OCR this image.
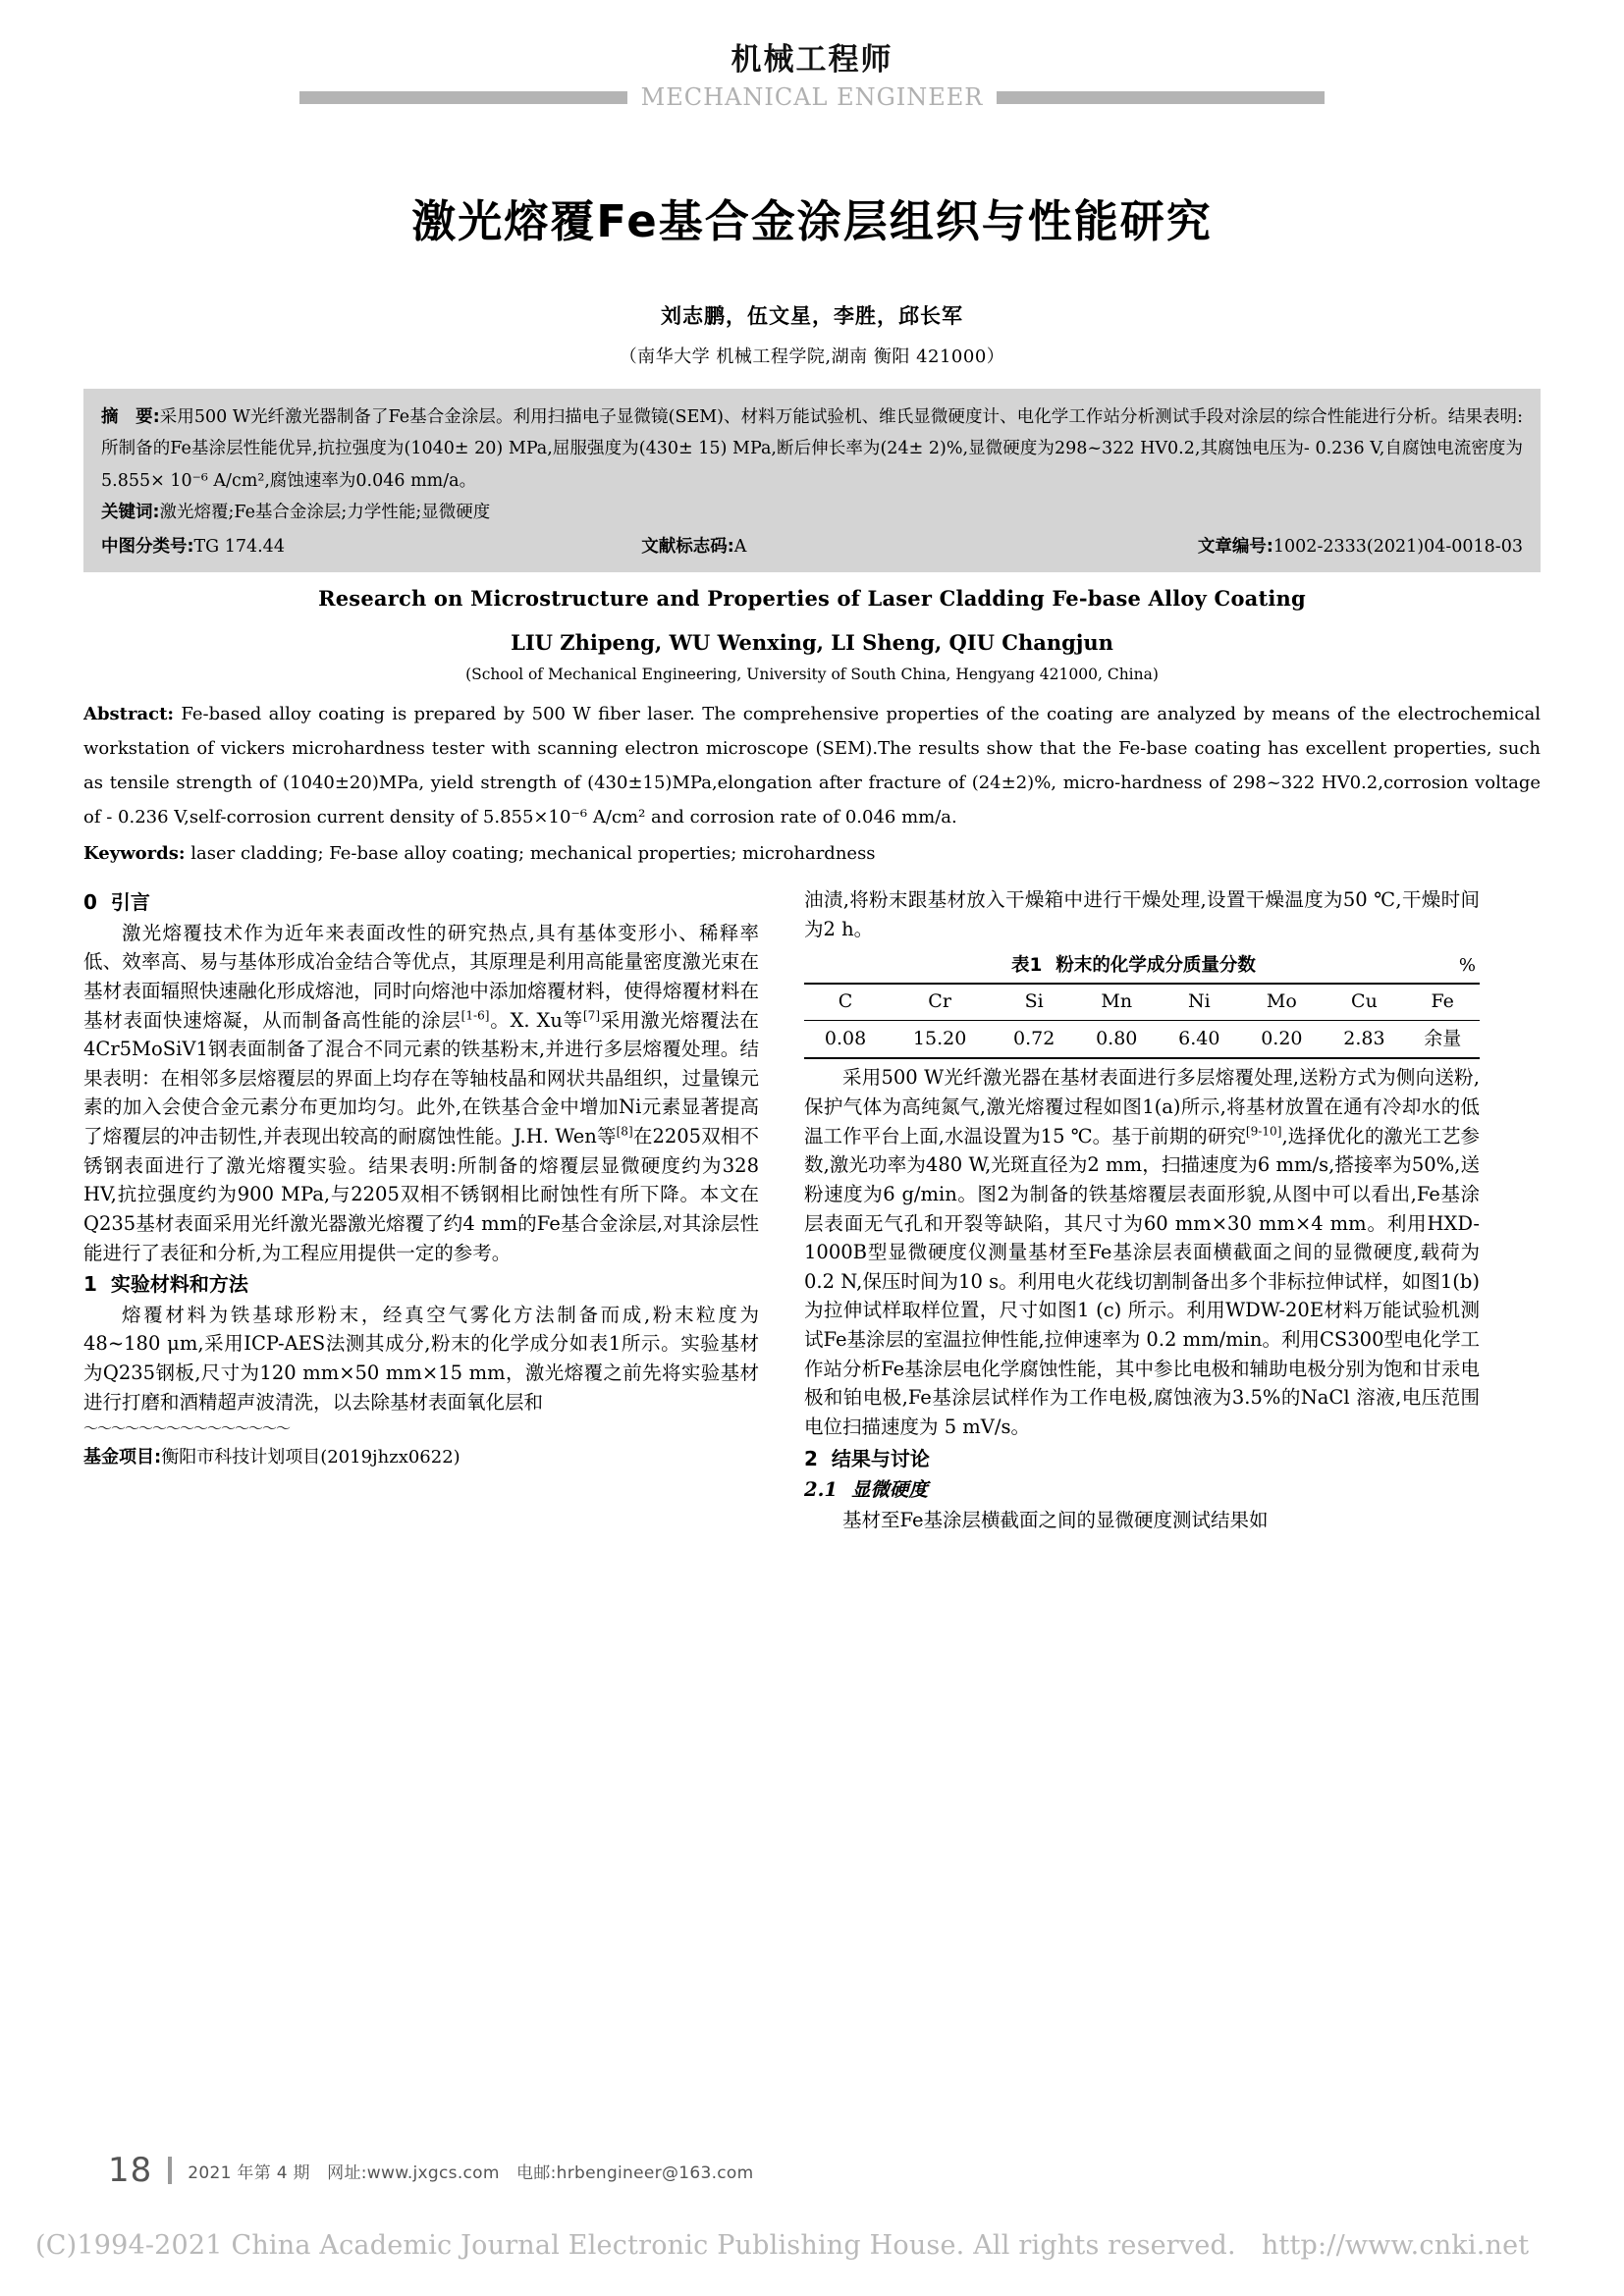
机械工程师
MECHANICAL ENGINEER
激光熔覆Fe基合金涂层组织与性能研究
刘志鹏，伍文星，李胜，邱长军
（南华大学 机械工程学院,湖南 衡阳 421000）

摘　要:采用500 W光纤激光器制备了Fe基合金涂层。利用扫描电子显微镜(SEM)、材料万能试验机、维氏显微硬度计、电化学工作站分析测试手段对涂层的综合性能进行分析。结果表明:所制备的Fe基涂层性能优异,抗拉强度为(1040± 20) MPa,屈服强度为(430± 15) MPa,断后伸长率为(24± 2)%,显微硬度为298~322 HV0.2,其腐蚀电压为- 0.236 V,自腐蚀电流密度为5.855× 10⁻⁶ A/cm²,腐蚀速率为0.046 mm/a。

关键词:激光熔覆;Fe基合金涂层;力学性能;显微硬度

中图分类号:TG 174.44	文献标志码:A	文章编号:1002-2333(2021)04-0018-03
Research on Microstructure and Properties of Laser Cladding Fe-base Alloy Coating
LIU Zhipeng, WU Wenxing, LI Sheng, QIU Changjun
(School of Mechanical Engineering, University of South China, Hengyang 421000, China)
Abstract: Fe-based alloy coating is prepared by 500 W fiber laser. The comprehensive properties of the coating are analyzed by means of the electrochemical workstation of vickers microhardness tester with scanning electron microscope (SEM).The results show that the Fe-base coating has excellent properties, such as tensile strength of (1040±20)MPa, yield strength of (430±15)MPa,elongation after fracture of (24±2)%, micro-hardness of 298~322 HV0.2,corrosion voltage of - 0.236 V,self-corrosion current density of 5.855×10⁻⁶ A/cm² and corrosion rate of 0.046 mm/a.
Keywords: laser cladding; Fe-base alloy coating; mechanical properties; microhardness
0 引言

激光熔覆技术作为近年来表面改性的研究热点,具有基体变形小、稀释率低、效率高、易与基体形成冶金结合等优点，其原理是利用高能量密度激光束在基材表面辐照快速融化形成熔池，同时向熔池中添加熔覆材料，使得熔覆材料在基材表面快速熔凝，从而制备高性能的涂层[1-6]。X. Xu等[7]采用激光熔覆法在4Cr5MoSiV1钢表面制备了混合不同元素的铁基粉末,并进行多层熔覆处理。结果表明：在相邻多层熔覆层的界面上均存在等轴枝晶和网状共晶组织，过量镍元素的加入会使合金元素分布更加均匀。此外,在铁基合金中增加Ni元素显著提高了熔覆层的冲击韧性,并表现出较高的耐腐蚀性能。J.H. Wen等[8]在2205双相不锈钢表面进行了激光熔覆实验。结果表明:所制备的熔覆层显微硬度约为328 HV,抗拉强度约为900 MPa,与2205双相不锈钢相比耐蚀性有所下降。本文在Q235基材表面采用光纤激光器激光熔覆了约4 mm的Fe基合金涂层,对其涂层性能进行了表征和分析,为工程应用提供一定的参考。

1 实验材料和方法

熔覆材料为铁基球形粉末，经真空气雾化方法制备而成,粉末粒度为48~180 μm,采用ICP-AES法测其成分,粉末的化学成分如表1所示。实验基材为Q235钢板,尺寸为120 mm×50 mm×15 mm，激光熔覆之前先将实验基材进行打磨和酒精超声波清洗，以去除基材表面氧化层和

〜〜〜〜〜〜〜〜〜〜〜〜〜〜〜
基金项目:衡阳市科技计划项目(2019jhzx0622)

油渍,将粉末跟基材放入干燥箱中进行干燥处理,设置干燥温度为50 ℃,干燥时间为2 h。

表1 粉末的化学成分质量分数	%
C	Cr	Si	Mn	Ni	Mo	Cu	Fe
0.08	15.20	0.72	0.80	6.40	0.20	2.83	余量

采用500 W光纤激光器在基材表面进行多层熔覆处理,送粉方式为侧向送粉,保护气体为高纯氮气,激光熔覆过程如图1(a)所示,将基材放置在通有冷却水的低温工作平台上面,水温设置为15 ℃。基于前期的研究[9-10],选择优化的激光工艺参数,激光功率为480 W,光斑直径为2 mm，扫描速度为6 mm/s,搭接率为50%,送粉速度为6 g/min。图2为制备的铁基熔覆层表面形貌,从图中可以看出,Fe基涂层表面无气孔和开裂等缺陷，其尺寸为60 mm×30 mm×4 mm。利用HXD-1000B型显微硬度仪测量基材至Fe基涂层表面横截面之间的显微硬度,载荷为0.2 N,保压时间为10 s。利用电火花线切割制备出多个非标拉伸试样，如图1(b) 为拉伸试样取样位置，尺寸如图1 (c) 所示。利用WDW-20E材料万能试验机测试Fe基涂层的室温拉伸性能,拉伸速率为 0.2 mm/min。利用CS300型电化学工作站分析Fe基涂层电化学腐蚀性能，其中参比电极和辅助电极分别为饱和甘汞电极和铂电极,Fe基涂层试样作为工作电极,腐蚀液为3.5%的NaCl 溶液,电压范围电位扫描速度为 5 mV/s。

2 结果与讨论
2.1 显微硬度

基材至Fe基涂层横截面之间的显微硬度测试结果如

18 2021 年第 4 期　网址:www.jxgcs.com　电邮:hrbengineer@163.com
(C)1994-2021 China Academic Journal Electronic Publishing House. All rights reserved. http://www.cnki.net
